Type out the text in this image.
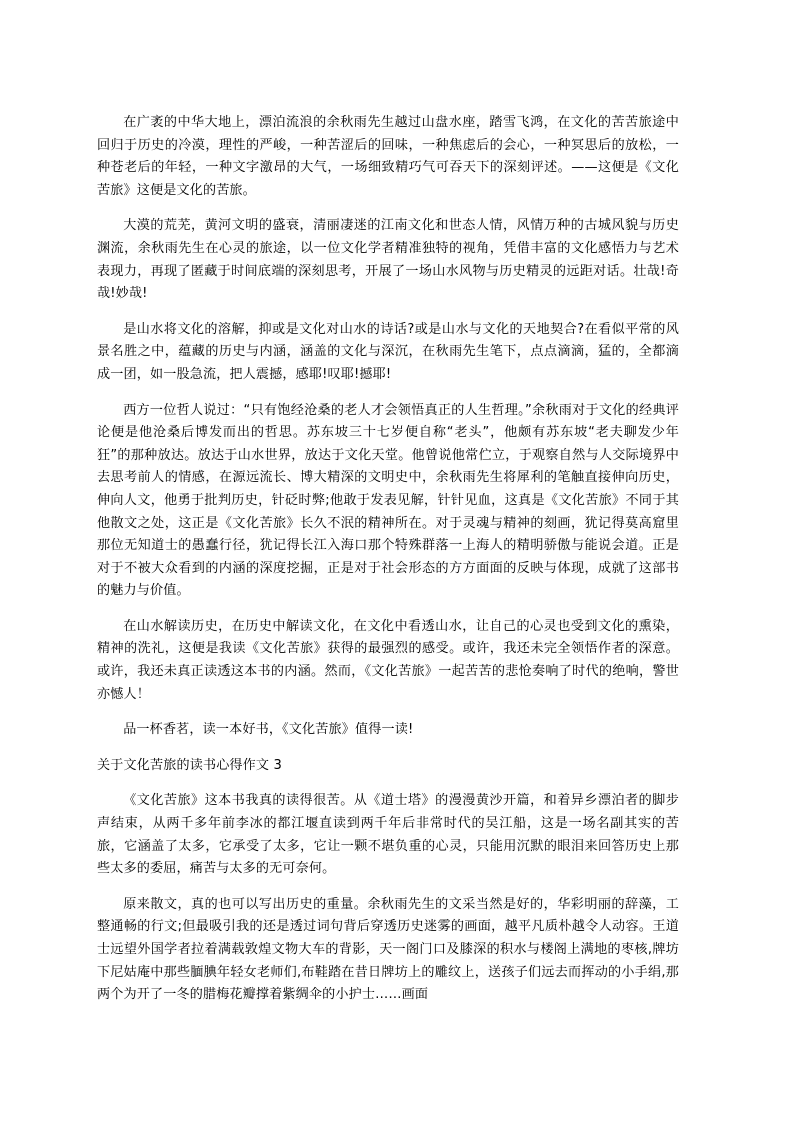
在广袤的中华大地上，漂泊流浪的余秋雨先生越过山盘水座，踏雪飞鸿，在文化的苦苦旅途中回归于历史的冷漠，理性的严峻，一种苦涩后的回味，一种焦虑后的会心，一种冥思后的放松，一种苍老后的年轻，一种文字激昂的大气，一场细致精巧气可吞天下的深刻评述。——这便是《文化苦旅》这便是文化的苦旅。

大漠的荒芜，黄河文明的盛衰，清丽凄迷的江南文化和世态人情，风情万种的古城风貌与历史渊流，余秋雨先生在心灵的旅途，以一位文化学者精准独特的视角，凭借丰富的文化感悟力与艺术表现力，再现了匿藏于时间底端的深刻思考，开展了一场山水风物与历史精灵的远距对话。壮哉!奇哉!妙哉!

是山水将文化的溶解，抑或是文化对山水的诗话?或是山水与文化的天地契合?在看似平常的风景名胜之中，蕴藏的历史与内涵，涵盖的文化与深沉，在秋雨先生笔下，点点滴滴，猛的，全都滴成一团，如一股急流，把人震撼，感耶!叹耶!撼耶!

西方一位哲人说过：“只有饱经沧桑的老人才会领悟真正的人生哲理。”余秋雨对于文化的经典评论便是他沧桑后博发而出的哲思。苏东坡三十七岁便自称“老头”，他颇有苏东坡“老夫聊发少年狂”的那种放达。放达于山水世界，放达于文化天堂。他曾说他常伫立，于观察自然与人交际境界中去思考前人的情感，在源远流长、博大精深的文明史中，余秋雨先生将犀利的笔触直接伸向历史，伸向人文，他勇于批判历史，针砭时弊;他敢于发表见解，针针见血，这真是《文化苦旅》不同于其他散文之处，这正是《文化苦旅》长久不泯的精神所在。对于灵魂与精神的刻画，犹记得莫高窟里那位无知道士的愚蠢行径，犹记得长江入海口那个特殊群落一上海人的精明骄傲与能说会道。正是对于不被大众看到的内涵的深度挖掘，正是对于社会形态的方方面面的反映与体现，成就了这部书的魅力与价值。

在山水解读历史，在历史中解读文化，在文化中看透山水，让自己的心灵也受到文化的熏染，精神的洗礼，这便是我读《文化苦旅》获得的最强烈的感受。或许，我还未完全领悟作者的深意。或许，我还未真正读透这本书的内涵。然而，《文化苦旅》一起苦苦的悲怆奏响了时代的绝响，警世亦憾人！

品一杯香茗，读一本好书，《文化苦旅》值得一读!

关于文化苦旅的读书心得作文 3

《文化苦旅》这本书我真的读得很苦。从《道士塔》的漫漫黄沙开篇，和着异乡漂泊者的脚步声结束，从两千多年前李冰的都江堰直读到两千年后非常时代的吴江船，这是一场名副其实的苦旅，它涵盖了太多，它承受了太多，它让一颗不堪负重的心灵，只能用沉默的眼泪来回答历史上那些太多的委屈，痛苦与太多的无可奈何。

原来散文，真的也可以写出历史的重量。余秋雨先生的文采当然是好的，华彩明丽的辞藻，工整通畅的行文;但最吸引我的还是透过词句背后穿透历史迷雾的画面，越平凡质朴越令人动容。王道士远望外国学者拉着满载敦煌文物大车的背影，天一阁门口及膝深的积水与楼阁上满地的枣核,牌坊下尼姑庵中那些腼腆年轻女老师们,布鞋踏在昔日牌坊上的雕纹上，送孩子们远去而挥动的小手绢,那两个为开了一冬的腊梅花瓣撑着紫绸伞的小护士……画面
